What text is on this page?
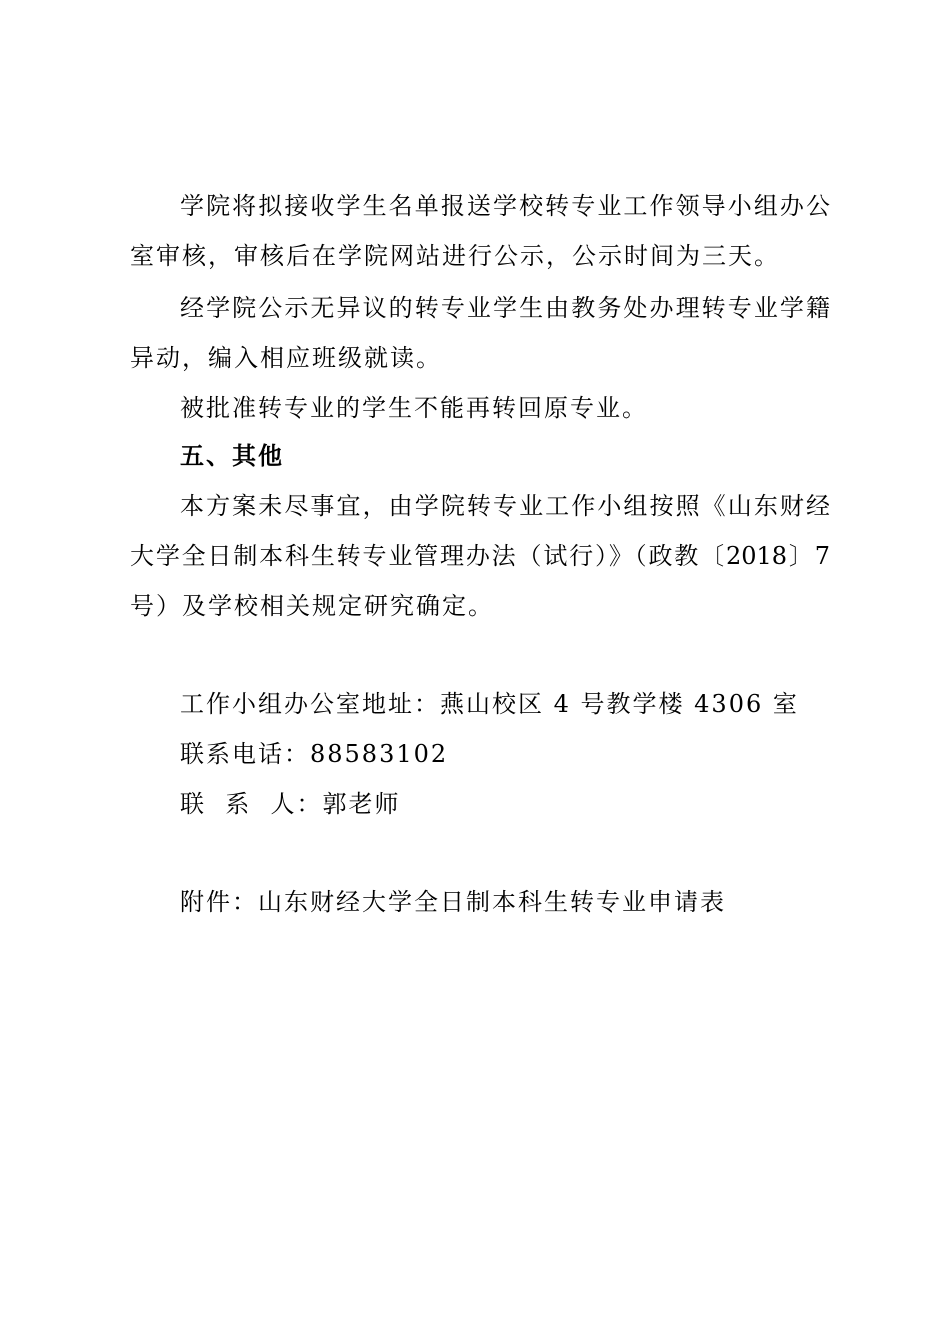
学院将拟接收学生名单报送学校转专业工作领导小组办公
室审核，审核后在学院网站进行公示，公示时间为三天。
经学院公示无异议的转专业学生由教务处办理转专业学籍
异动，编入相应班级就读。
被批准转专业的学生不能再转回原专业。
五、其他
本方案未尽事宜，由学院转专业工作小组按照《山东财经
大学全日制本科生转专业管理办法（试行）》（政教〔2018〕7
号）及学校相关规定研究确定。
工作小组办公室地址：燕山校区 4 号教学楼 4306 室
联系电话：88583102
联  系  人：郭老师
附件：山东财经大学全日制本科生转专业申请表
